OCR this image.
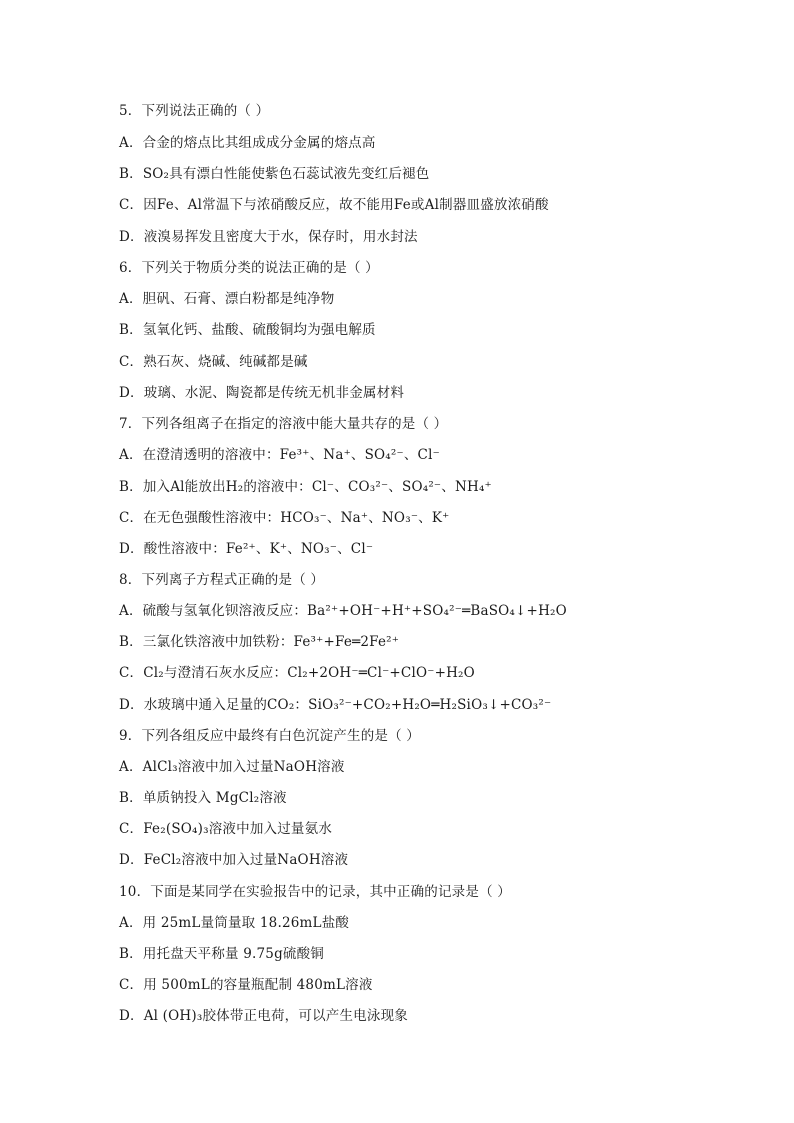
5．下列说法正确的（ ）
A．合金的熔点比其组成成分金属的熔点高
B．SO₂具有漂白性能使紫色石蕊试液先变红后褪色
C．因Fe、Al常温下与浓硝酸反应，故不能用Fe或Al制器皿盛放浓硝酸
D．液溴易挥发且密度大于水，保存时，用水封法
6．下列关于物质分类的说法正确的是（ ）
A．胆矾、石膏、漂白粉都是纯净物
B．氢氧化钙、盐酸、硫酸铜均为强电解质
C．熟石灰、烧碱、纯碱都是碱
D．玻璃、水泥、陶瓷都是传统无机非金属材料
7．下列各组离子在指定的溶液中能大量共存的是（ ）
A．在澄清透明的溶液中：Fe³⁺、Na⁺、SO₄²⁻、Cl⁻
B．加入Al能放出H₂的溶液中：Cl⁻、CO₃²⁻、SO₄²⁻、NH₄⁺
C．在无色强酸性溶液中：HCO₃⁻、Na⁺、NO₃⁻、K⁺
D．酸性溶液中：Fe²⁺、K⁺、NO₃⁻、Cl⁻
8．下列离子方程式正确的是（ ）
A．硫酸与氢氧化钡溶液反应：Ba²⁺+OH⁻+H⁺+SO₄²⁻═BaSO₄↓+H₂O
B．三氯化铁溶液中加铁粉：Fe³⁺+Fe═2Fe²⁺
C．Cl₂与澄清石灰水反应：Cl₂+2OH⁻═Cl⁻+ClO⁻+H₂O
D．水玻璃中通入足量的CO₂：SiO₃²⁻+CO₂+H₂O═H₂SiO₃↓+CO₃²⁻
9．下列各组反应中最终有白色沉淀产生的是（ ）
A．AlCl₃溶液中加入过量NaOH溶液
B．单质钠投入 MgCl₂溶液
C．Fe₂(SO₄)₃溶液中加入过量氨水
D．FeCl₂溶液中加入过量NaOH溶液
10．下面是某同学在实验报告中的记录，其中正确的记录是（ ）
A．用 25mL量筒量取 18.26mL盐酸
B．用托盘天平称量 9.75g硫酸铜
C．用 500mL的容量瓶配制 480mL溶液
D．Al (OH)₃胶体带正电荷，可以产生电泳现象
